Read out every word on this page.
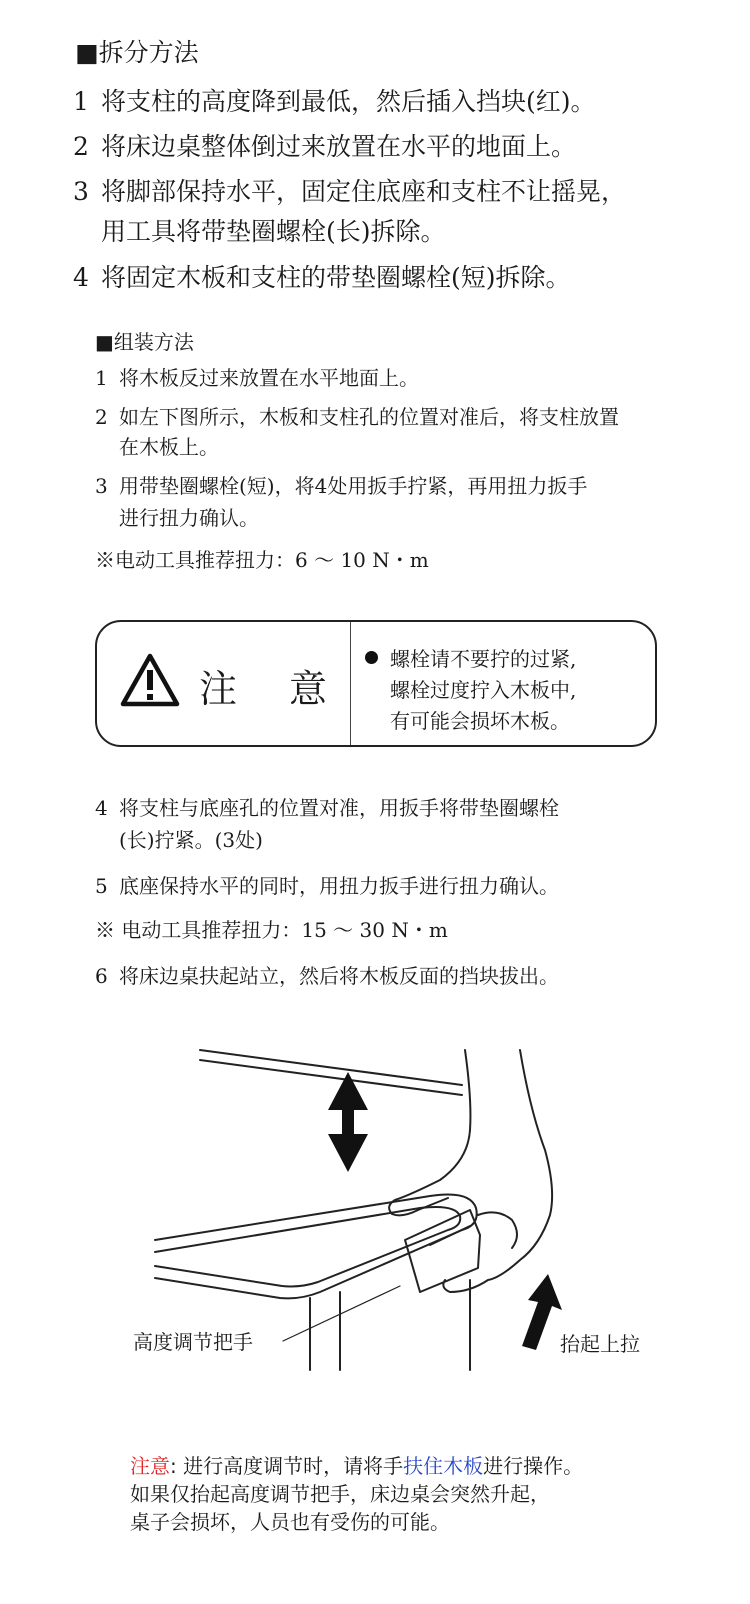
■拆分方法
1 将支柱的高度降到最低，然后插入挡块(红)。
2 将床边桌整体倒过来放置在水平的地面上。
3 将脚部保持水平，固定住底座和支柱不让摇晃，
用工具将带垫圈螺栓(长)拆除。
4 将固定木板和支柱的带垫圈螺栓(短)拆除。
■组装方法
1 将木板反过来放置在水平地面上。
2 如左下图所示，木板和支柱孔的位置对准后，将支柱放置
在木板上。
3 用带垫圈螺栓(短)，将4处用扳手拧紧，再用扭力扳手
进行扭力确认。
※电动工具推荐扭力：6 ～ 10 N・m
注 意
螺栓请不要拧的过紧,
螺栓过度拧入木板中,
有可能会损坏木板。
4 将支柱与底座孔的位置对准，用扳手将带垫圈螺栓
(长)拧紧。(3处)
5 底座保持水平的同时，用扭力扳手进行扭力确认。
※ 电动工具推荐扭力：15 ～ 30 N・m
6 将床边桌扶起站立，然后将木板反面的挡块拔出。
高度调节把手	抬起上拉
注意: 进行高度调节时，请将手扶住木板进行操作。
如果仅抬起高度调节把手，床边桌会突然升起，
桌子会损坏，人员也有受伤的可能。
